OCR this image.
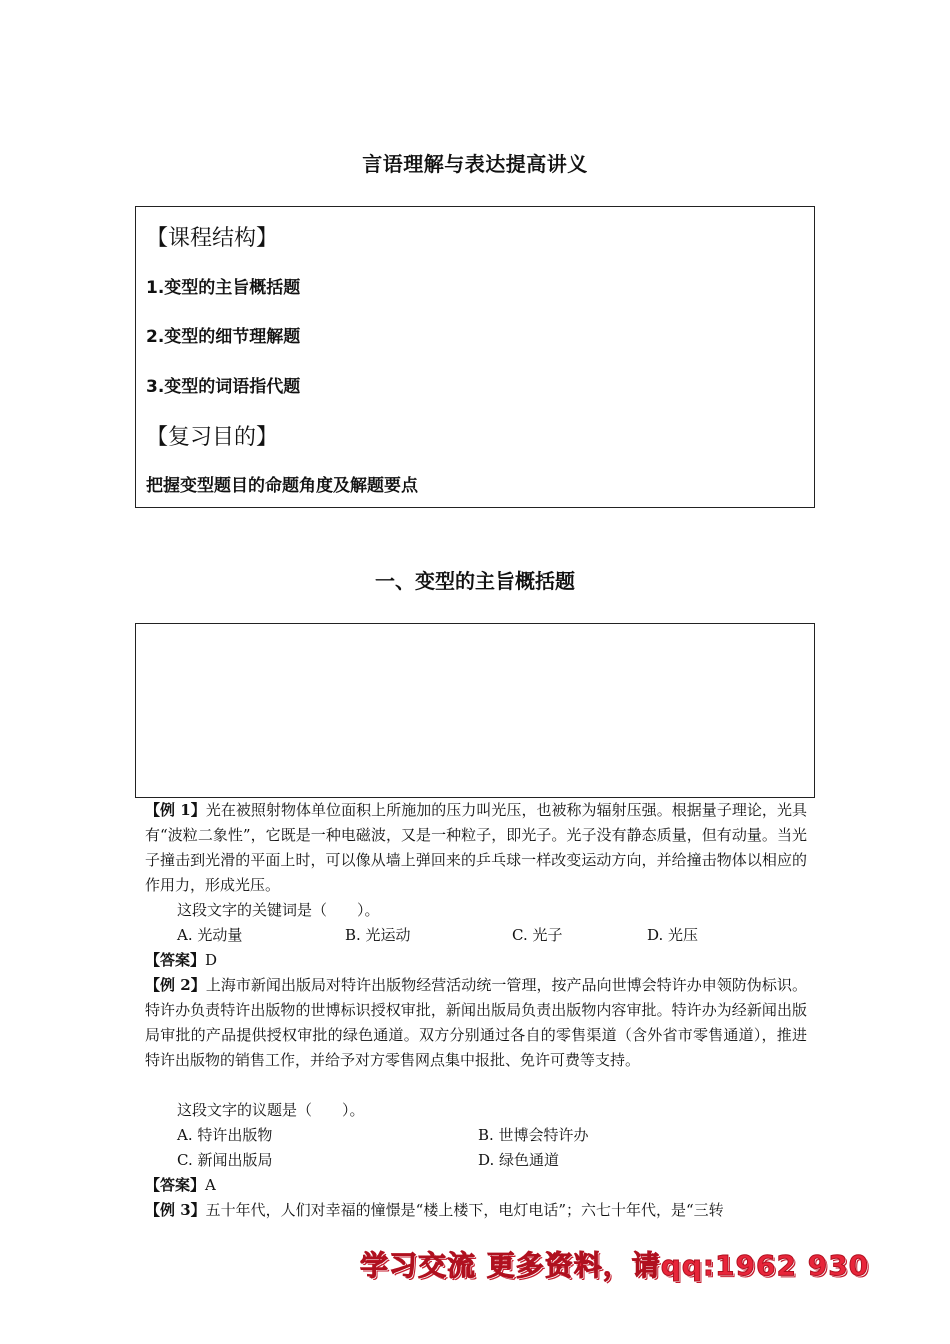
言语理解与表达提高讲义
【课程结构】
1.变型的主旨概括题
2.变型的细节理解题
3.变型的词语指代题
【复习目的】
把握变型题目的命题角度及解题要点
一、变型的主旨概括题
【例 1】光在被照射物体单位面积上所施加的压力叫光压，也被称为辐射压强。根据量子理论，光具有“波粒二象性”，它既是一种电磁波，又是一种粒子，即光子。光子没有静态质量，但有动量。当光子撞击到光滑的平面上时，可以像从墙上弹回来的乒乓球一样改变运动方向，并给撞击物体以相应的作用力，形成光压。
这段文字的关键词是（　　）。
A. 光动量	B. 光运动	C. 光子	D. 光压
【答案】D
【例 2】上海市新闻出版局对特许出版物经营活动统一管理，按产品向世博会特许办申领防伪标识。特许办负责特许出版物的世博标识授权审批，新闻出版局负责出版物内容审批。特许办为经新闻出版局审批的产品提供授权审批的绿色通道。双方分别通过各自的零售渠道（含外省市零售通道），推进特许出版物的销售工作，并给予对方零售网点集中报批、免许可费等支持。
这段文字的议题是（　　）。
A. 特许出版物	B. 世博会特许办
C. 新闻出版局	D. 绿色通道
【答案】A
【例 3】五十年代，人们对幸福的憧憬是“楼上楼下，电灯电话”；六七十年代，是“三转
学习交流 更多资料，请qq:1962 930
